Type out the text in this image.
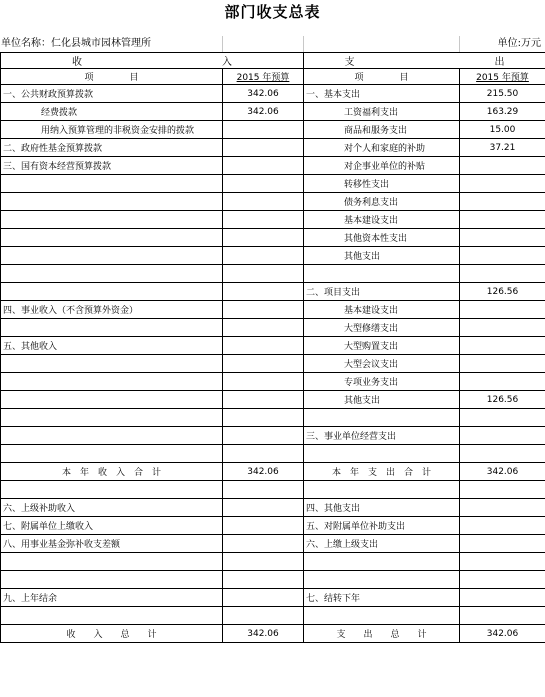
部门收支总表
单位名称：仁化县城市园林管理所	单位:万元
收　　　　　　　　　　　　　　入		支　　　　　　　　　　　　　　出	
项　　　　目	2015 年预算	项　　　　目	2015 年预算
一、公共财政预算拨款	342.06	一、基本支出	215.50
经费拨款	342.06	工资福利支出	163.29
用纳入预算管理的非税资金安排的拨款		商品和服务支出	15.00
二、政府性基金预算拨款		对个人和家庭的补助	37.21
三、国有资本经营预算拨款		对企事业单位的补贴	
		转移性支出	
		债务利息支出	
		基本建设支出	
		其他资本性支出	
		其他支出	

		二、项目支出	126.56
四、事业收入（不含预算外资金）		基本建设支出	
		大型修缮支出	
五、其他收入		大型购置支出	
		大型会议支出	
		专项业务支出	
		其他支出	126.56

		三、事业单位经营支出	

本　年　收　入　合　计	342.06	本　年　支　出　合　计	342.06

六、上级补助收入		四、其他支出	
七、附属单位上缴收入		五、对附属单位补助支出	
八、用事业基金弥补收支差额		六、上缴上级支出	

九、上年结余		七、结转下年	

收　　入　　总　　计	342.06	支　　出　　总　　计	342.06
